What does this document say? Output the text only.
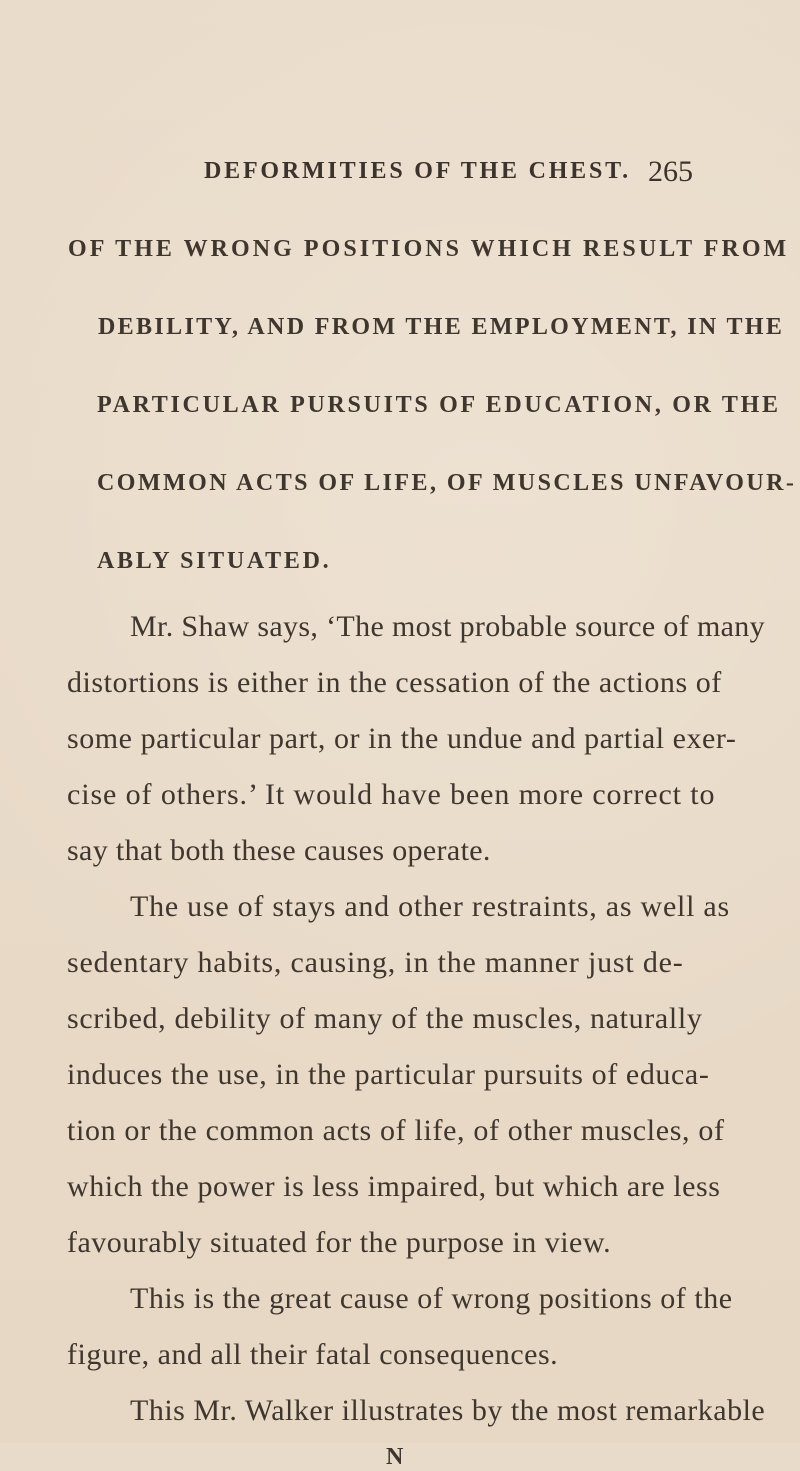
DEFORMITIES OF THE CHEST. 265
OF THE WRONG POSITIONS WHICH RESULT FROM
DEBILITY, AND FROM THE EMPLOYMENT, IN THE
PARTICULAR PURSUITS OF EDUCATION, OR THE
COMMON ACTS OF LIFE, OF MUSCLES UNFAVOUR-
ABLY SITUATED.
Mr. Shaw says, ‘The most probable source of many
distortions is either in the cessation of the actions of
some particular part, or in the undue and partial exer-
cise of others.’ It would have been more correct to
say that both these causes operate.
The use of stays and other restraints, as well as
sedentary habits, causing, in the manner just de-
scribed, debility of many of the muscles, naturally
induces the use, in the particular pursuits of educa-
tion or the common acts of life, of other muscles, of
which the power is less impaired, but which are less
favourably situated for the purpose in view.
This is the great cause of wrong positions of the
figure, and all their fatal consequences.
This Mr. Walker illustrates by the most remarkable
N
